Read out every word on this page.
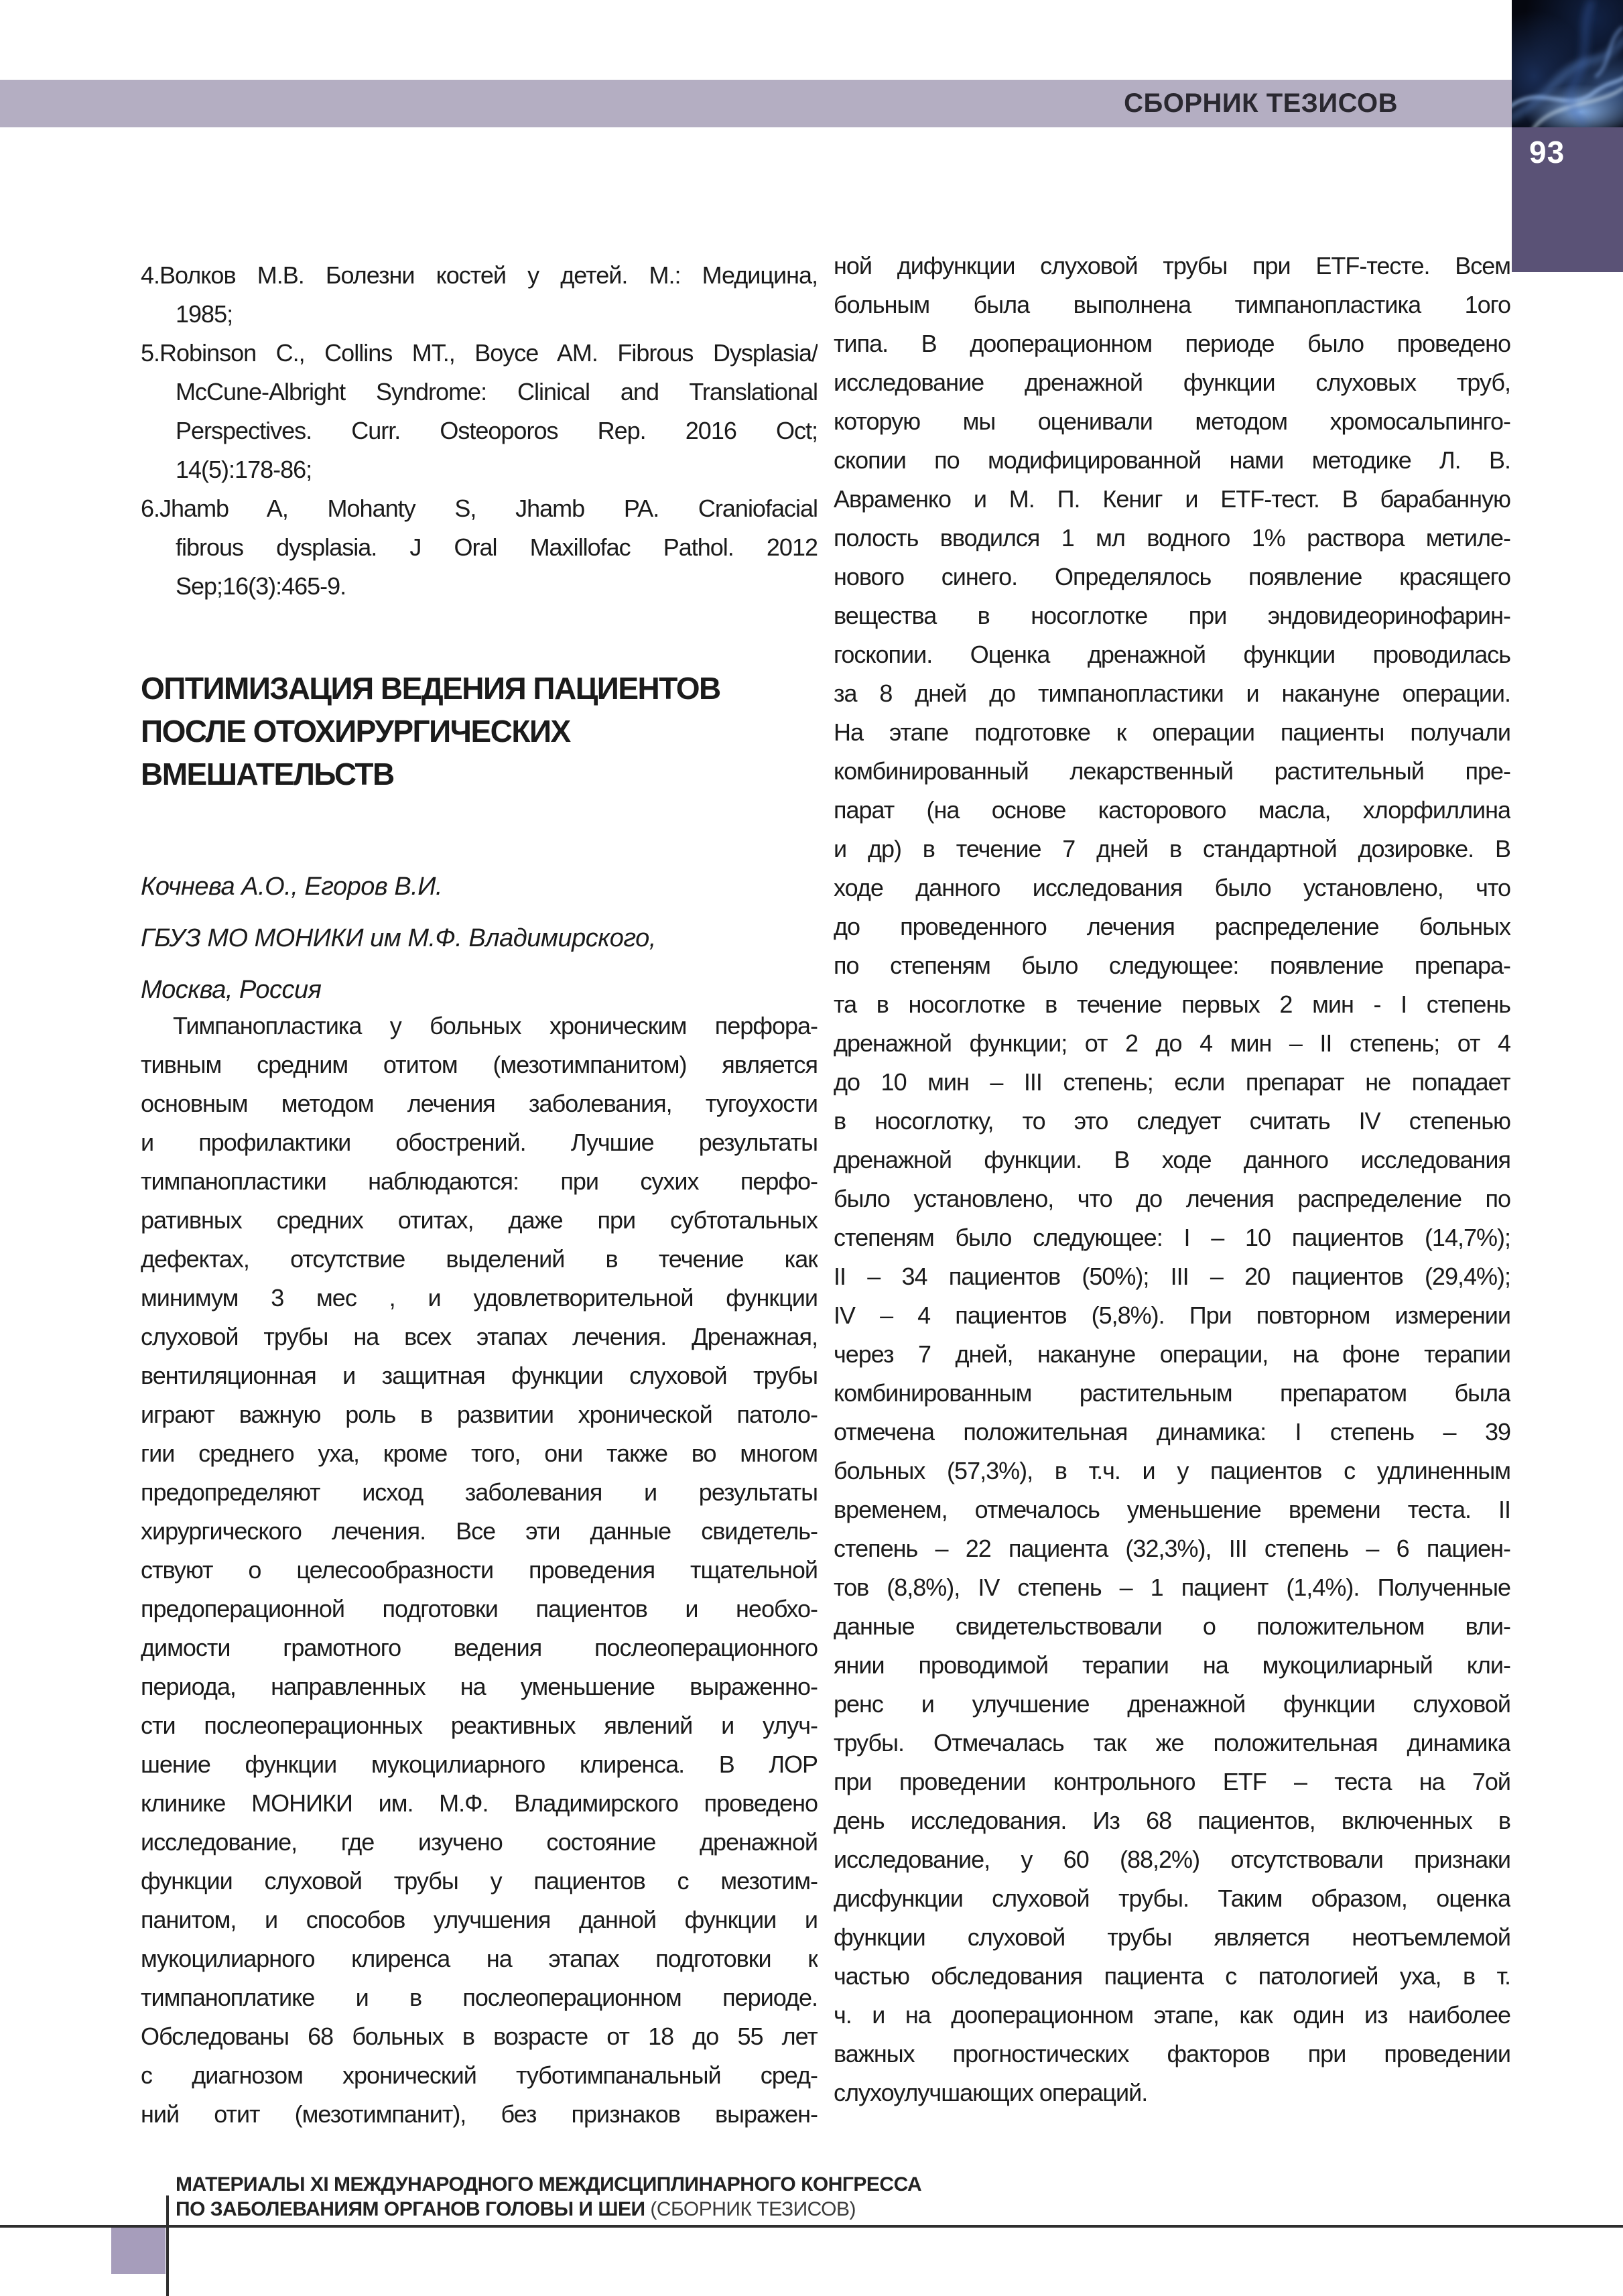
СБОРНИК ТЕЗИСОВ
93
4.Волков М.В. Болезни костей у детей. М.: Медицина,
1985;
5.Robinson C., Collins MT., Boyce AM. Fibrous Dysplasia/
McCune-Albright Syndrome: Clinical and Translational
Perspectives. Curr. Osteoporos Rep. 2016 Oct;
14(5):178-86;
6.Jhamb A, Mohanty S, Jhamb PA. Craniofacial
fibrous dysplasia. J Oral Maxillofac Pathol. 2012
Sep;16(3):465-9.
ОПТИМИЗАЦИЯ ВЕДЕНИЯ ПАЦИЕНТОВ
ПОСЛЕ ОТОХИРУРГИЧЕСКИХ
ВМЕШАТЕЛЬСТВ
Кочнева А.О., Егоров В.И.
ГБУЗ МО МОНИКИ им М.Ф. Владимирского,
Москва, Россия
Тимпанопластика у больных хроническим перфора-
тивным средним отитом (мезотимпанитом) является
основным методом лечения заболевания, тугоухости
и профилактики обострений. Лучшие результаты
тимпанопластики наблюдаются: при сухих перфо-
ративных средних отитах, даже при субтотальных
дефектах, отсутствие выделений в течение как
минимум 3 мес , и удовлетворительной функции
слуховой трубы на всех этапах лечения. Дренажная,
вентиляционная и защитная функции слуховой трубы
играют важную роль в развитии хронической патоло-
гии среднего уха, кроме того, они также во многом
предопределяют исход заболевания и результаты
хирургического лечения. Все эти данные свидетель-
ствуют о целесообразности проведения тщательной
предоперационной подготовки пациентов и необхо-
димости грамотного ведения послеоперационного
периода, направленных на уменьшение выраженно-
сти послеоперационных реактивных явлений и улуч-
шение функции мукоцилиарного клиренса. В ЛОР
клинике МОНИКИ им. М.Ф. Владимирского проведено
исследование, где изучено состояние дренажной
функции слуховой трубы у пациентов с мезотим-
панитом, и способов улучшения данной функции и
мукоцилиарного клиренса на этапах подготовки к
тимпаноплатике и в послеоперационном периоде.
Обследованы 68 больных в возрасте от 18 до 55 лет
с диагнозом хронический туботимпанальный сред-
ний отит (мезотимпанит), без признаков выражен-
ной дифункции слуховой трубы при ETF-тесте. Всем
больным была выполнена тимпанопластика 1ого
типа. В дооперационном периоде было проведено
исследование дренажной функции слуховых труб,
которую мы оценивали методом хромосальпинго-
скопии по модифицированной нами методике Л. В.
Авраменко и М. П. Кениг и ETF-тест. В барабанную
полость вводился 1 мл водного 1% раствора метиле-
нового синего. Определялось появление красящего
вещества в носоглотке при эндовидеоринофарин-
госкопии. Оценка дренажной функции проводилась
за 8 дней до тимпанопластики и накануне операции.
На этапе подготовке к операции пациенты получали
комбинированный лекарственный растительный пре-
парат (на основе касторового масла, хлорфиллина
и др) в течение 7 дней в стандартной дозировке. В
ходе данного исследования было установлено, что
до проведенного лечения распределение больных
по степеням было следующее: появление препара-
та в носоглотке в течение первых 2 мин - I степень
дренажной функции; от 2 до 4 мин – II степень; от 4
до 10 мин – III степень; если препарат не попадает
в носоглотку, то это следует считать IV степенью
дренажной функции. В ходе данного исследования
было установлено, что до лечения распределение по
степеням было следующее: I – 10 пациентов (14,7%);
II – 34 пациентов (50%); III – 20 пациентов (29,4%);
IV – 4 пациентов (5,8%). При повторном измерении
через 7 дней, накануне операции, на фоне терапии
комбинированным растительным препаратом была
отмечена положительная динамика: I степень – 39
больных (57,3%), в т.ч. и у пациентов с удлиненным
временем, отмечалось уменьшение времени теста. II
степень – 22 пациента (32,3%), III степень – 6 пациен-
тов (8,8%), IV степень – 1 пациент (1,4%). Полученные
данные свидетельствовали о положительном вли-
янии проводимой терапии на мукоцилиарный кли-
ренс и улучшение дренажной функции слуховой
трубы. Отмечалась так же положительная динамика
при проведении контрольного ETF – теста на 7ой
день исследования. Из 68 пациентов, включенных в
исследование, у 60 (88,2%) отсутствовали признаки
дисфункции слуховой трубы. Таким образом, оценка
функции слуховой трубы является неотъемлемой
частью обследования пациента с патологией уха, в т.
ч. и на дооперационном этапе, как один из наиболее
важных прогностических факторов при проведении
слухоулучшающих операций.
МАТЕРИАЛЫ XI МЕЖДУНАРОДНОГО МЕЖДИСЦИПЛИНАРНОГО КОНГРЕССА
ПО ЗАБОЛЕВАНИЯМ ОРГАНОВ ГОЛОВЫ И ШЕИ (СБОРНИК ТЕЗИСОВ)
